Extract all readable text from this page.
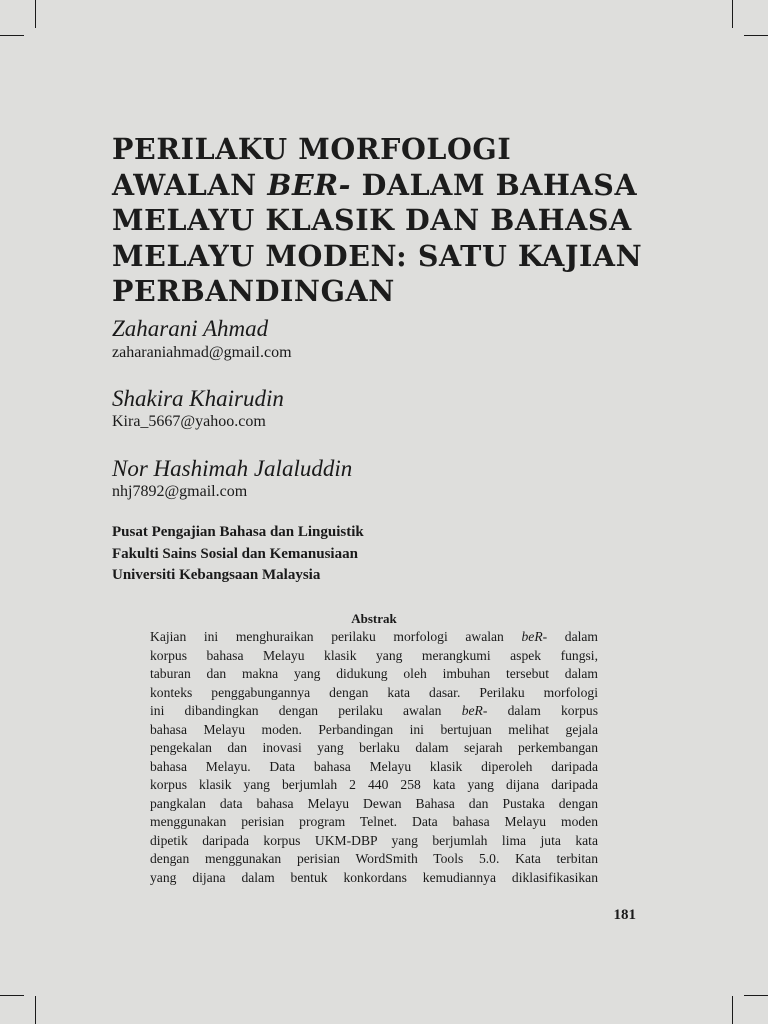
PERILAKU MORFOLOGI
AWALAN BER- DALAM BAHASA
MELAYU KLASIK DAN BAHASA
MELAYU MODEN: SATU KAJIAN
PERBANDINGAN
Zaharani Ahmad
zaharaniahmad@gmail.com
Shakira Khairudin
Kira_5667@yahoo.com
Nor Hashimah Jalaluddin
nhj7892@gmail.com
Pusat Pengajian Bahasa dan Linguistik
Fakulti Sains Sosial dan Kemanusiaan
Universiti Kebangsaan Malaysia
Abstrak
Kajian ini menghuraikan perilaku morfologi awalan beR- dalam
korpus bahasa Melayu klasik yang merangkumi aspek fungsi,
taburan dan makna yang didukung oleh imbuhan tersebut dalam
konteks penggabungannya dengan kata dasar. Perilaku morfologi
ini dibandingkan dengan perilaku awalan beR- dalam korpus
bahasa Melayu moden. Perbandingan ini bertujuan melihat gejala
pengekalan dan inovasi yang berlaku dalam sejarah perkembangan
bahasa Melayu. Data bahasa Melayu klasik diperoleh daripada
korpus klasik yang berjumlah 2 440 258 kata yang dijana daripada
pangkalan data bahasa Melayu Dewan Bahasa dan Pustaka dengan
menggunakan perisian program Telnet. Data bahasa Melayu moden
dipetik daripada korpus UKM-DBP yang berjumlah lima juta kata
dengan menggunakan perisian WordSmith Tools 5.0. Kata terbitan
yang dijana dalam bentuk konkordans kemudiannya diklasifikasikan
181
